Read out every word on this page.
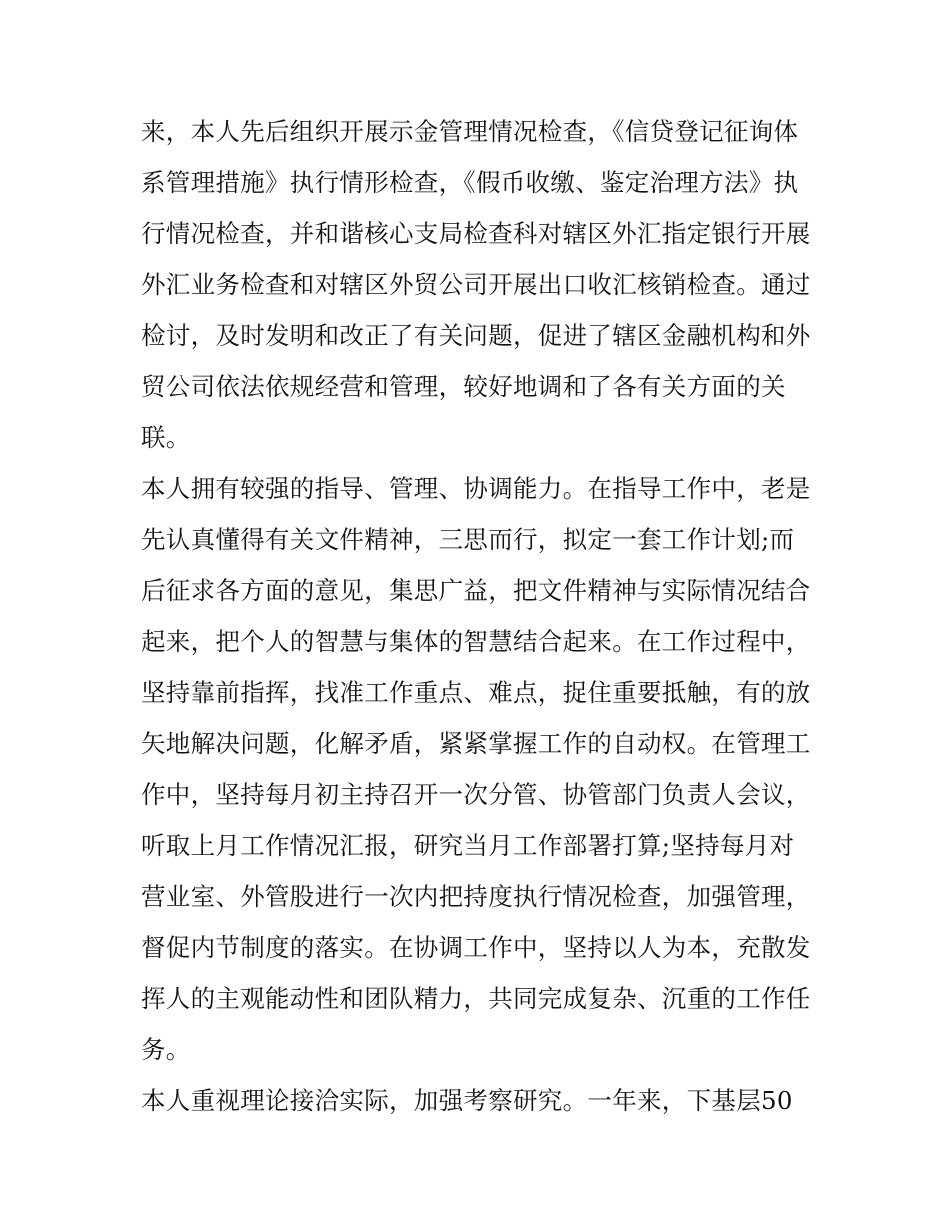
来，本人先后组织开展示金管理情况检查，《信贷登记征询体
系管理措施》执行情形检查，《假币收缴、鉴定治理方法》执
行情况检查，并和谐核心支局检查科对辖区外汇指定银行开展
外汇业务检查和对辖区外贸公司开展出口收汇核销检查。通过
检讨，及时发明和改正了有关问题，促进了辖区金融机构和外
贸公司依法依规经营和管理，较好地调和了各有关方面的关
联。
本人拥有较强的指导、管理、协调能力。在指导工作中，老是
先认真懂得有关文件精神，三思而行，拟定一套工作计划;而
后征求各方面的意见，集思广益，把文件精神与实际情况结合
起来，把个人的智慧与集体的智慧结合起来。在工作过程中，
坚持靠前指挥，找准工作重点、难点，捉住重要抵触，有的放
矢地解决问题，化解矛盾，紧紧掌握工作的自动权。在管理工
作中，坚持每月初主持召开一次分管、协管部门负责人会议，
听取上月工作情况汇报，研究当月工作部署打算;坚持每月对
营业室、外管股进行一次内把持度执行情况检查，加强管理，
督促内节制度的落实。在协调工作中，坚持以人为本，充散发
挥人的主观能动性和团队精力，共同完成复杂、沉重的工作任
务。
本人重视理论接洽实际，加强考察研究。一年来，下基层50
